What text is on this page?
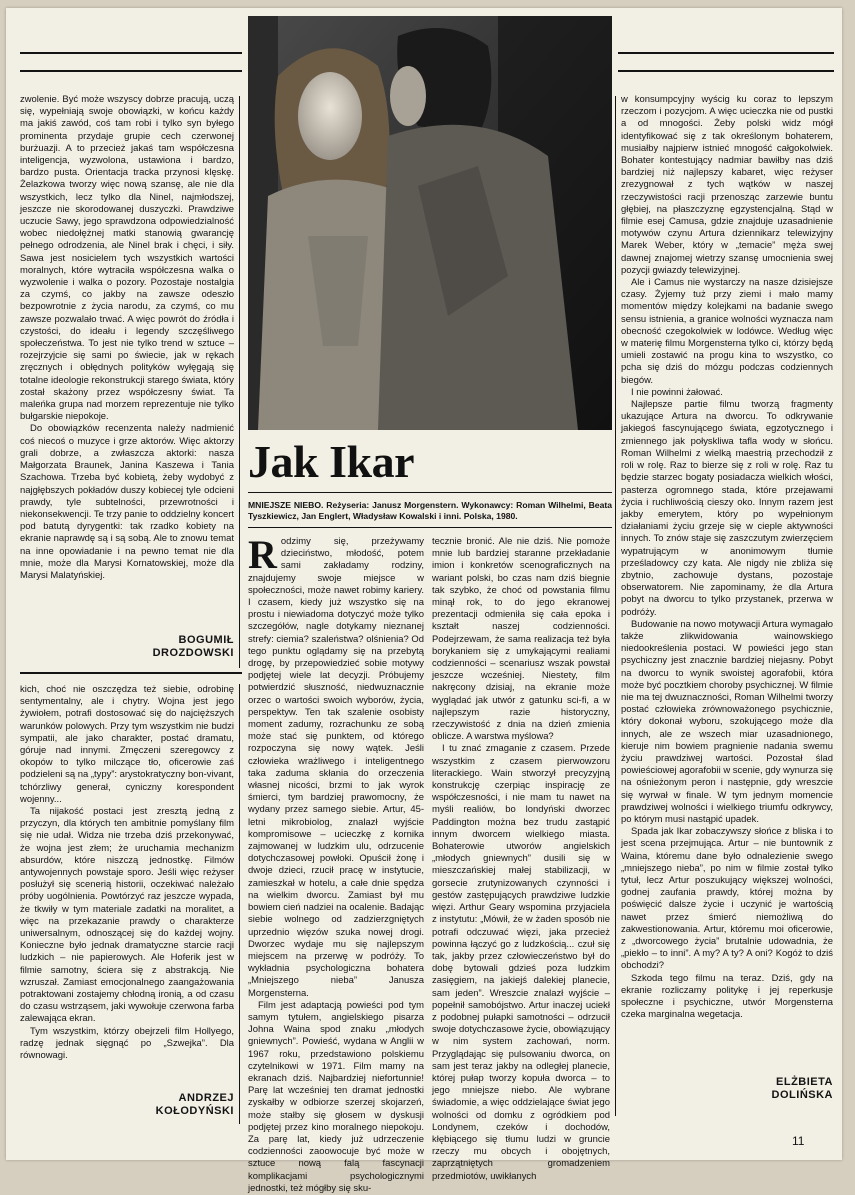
zwolenie. Być może wszyscy dobrze pracują, uczą się, wypełniają swoje obowiązki, w końcu każdy ma jakiś zawód, coś tam robi i tylko syn byłego prominenta przydaje grupie cech czerwonej burżuazji. A to przecież jakaś tam współczesna inteligencja, wyzwolona, ustawiona i bardzo, bardzo pusta. Orientacja tracka przynosi klęskę. Żelazkowa tworzy więc nową szansę, ale nie dla wszystkich, lecz tylko dla Ninel, najmłodszej, jeszcze nie skorodowanej duszyczki. Prawdziwe uczucie Sawy, jego sprawdzona odpowiedzialność wobec niedołężnej matki stanowią gwarancję pełnego odrodzenia, ale Ninel brak i chęci, i siły. Sawa jest nosicielem tych wszystkich wartości moralnych, które wytraciła współczesna walka o wyzwolenie i walka o pozory. Pozostaje nostalgia za czymś, co jakby na zawsze odeszło bezpowrotnie z życia narodu, za czymś, co mu zawsze pozwalało trwać. A więc powrót do źródła i czystości, do ideału i legendy szczęśliwego społeczeństwa. To jest nie tylko trend w sztuce – rozejrzyjcie się sami po świecie, jak w rękach zręcznych i obłędnych polityków wyłęgają się totalne ideologie rekonstrukcji starego świata, który został skażony przez współczesny świat. Ta maleńka grupa nad morzem reprezentuje nie tylko bułgarskie niepokoje.

Do obowiązków recenzenta należy nadmienić coś niecoś o muzyce i grze aktorów. Więc aktorzy grali dobrze, a zwłaszcza aktorki: nasza Małgorzata Braunek, Janina Kaszewa i Tania Szachowa. Trzeba być kobietą, żeby wydobyć z najgłębszych pokładów duszy kobiecej tyle odcieni prawdy, tyle subtelności, przewrotności i niekonsekwencji. Te trzy panie to oddzielny koncert pod batutą dyrygentki: tak rzadko kobiety na ekranie naprawdę są i są sobą. Ale to znowu temat na inne opowiadanie i na pewno temat nie dla mnie, może dla Marysi Kornatowskiej, może dla Marysi Malatyńskiej.

BOGUMIŁ
DROZDOWSKI

kich, choć nie oszczędza też siebie, odrobinę sentymentalny, ale i chytry. Wojna jest jego żywiołem, potrafi dostosować się do najcięższych warunków polowych. Przy tym wszystkim nie budzi sympatii, ale jako charakter, postać dramatu, góruje nad innymi. Zmęczeni szeregowcy z okopów to tylko milczące tło, oficerowie zaś podzieleni są na „typy”: arystokratyczny bon-vivant, tchórzliwy generał, cyniczny korespondent wojenny...

Ta nijakość postaci jest zresztą jedną z przyczyn, dla których ten ambitnie pomyślany film się nie udał. Widza nie trzeba dziś przekonywać, że wojna jest złem; że uruchamia mechanizm absurdów, które niszczą jednostkę. Filmów antywojennych powstaje sporo. Jeśli więc reżyser posłużył się scenerią historii, oczekiwać należało próby uogólnienia. Powtórzyć raz jeszcze wypada, że tkwiły w tym materiale zadatki na moralitet, a więc na przekazanie prawdy o charakterze uniwersalnym, odnoszącej się do każdej wojny. Konieczne było jednak dramatyczne starcie racji ludzkich – nie papierowych. Ale Hoferik jest w filmie samotny, ściera się z abstrakcją. Nie wzruszał. Zamiast emocjonalnego zaangażowania potraktowani zostajemy chłodną ironią, a od czasu do czasu wstrząsem, jaki wywołuje czerwona farba zalewająca ekran.

Tym wszystkim, którzy obejrzeli film Hollyego, radzę jednak sięgnąć po „Szwejka”. Dla równowagi.

ANDRZEJ
KOŁODYŃSKI
Jak Ikar
MNIEJSZE NIEBO. Reżyseria: Janusz Morgenstern. Wykonawcy: Roman Wilhelmi, Beata Tyszkiewicz, Jan Englert, Władysław Kowalski i inni. Polska, 1980.
R odzimy się, przeżywamy dzieciństwo, młodość, potem sami zakładamy rodziny, znajdujemy swoje miejsce w społeczności, może nawet robimy kariery. I czasem, kiedy już wszystko się na prostu i niewiadoma dotyczyć może tylko szczegółów, nagle dotykamy nieznanej strefy: ciemia? szaleństwa? olśnienia? Od tego punktu oglądamy się na przebytą drogę, by przepowiedzieć sobie motywy podjętej wiele lat decyzji. Próbujemy potwierdzić słuszność, niedwuznacznie orzec o wartości swoich wyborów, życia, perspektyw. Ten tak szalenie osobisty moment zadumy, rozrachunku ze sobą może stać się punktem, od którego rozpoczyna się nowy wątek. Jeśli człowieka wrażliwego i inteligentnego taka zaduma skłania do orzeczenia własnej nicości, brzmi to jak wyrok śmierci, tym bardziej prawomocny, że wydany przez samego siebie. Artur, 45-letni mikrobiolog, znalazł wyjście kompromisowe – ucieczkę z kornika zajmowanej w ludzkim ulu, odrzucenie dotychczasowej powłoki. Opuścił żonę i dwoje dzieci, rzucił pracę w instytucie, zamieszkał w hotelu, a całe dnie spędza na wielkim dworcu. Zamiast był mu bowiem cień nadziei na ocalenie. Badając siebie wolnego od zadzierzgniętych uprzednio więzów szuka nowej drogi. Dworzec wydaje mu się najlepszym miejscem na przerwę w podróży. To wykładnia psychologiczna bohatera „Mniejszego nieba” Janusza Morgensterna.

Film jest adaptacją powieści pod tym samym tytułem, angielskiego pisarza Johna Waina spod znaku „młodych gniewnych”. Powieść, wydana w Anglii w 1967 roku, przedstawiono polskiemu czytelnikowi w 1971. Film mamy na ekranach dziś. Najbardziej niefortunnie! Parę lat wcześniej ten dramat jednostki zyskałby w odbiorze szerzej skojarzeń, może stałby się głosem w dyskusji podjętej przez kino moralnego niepokoju. Za parę lat, kiedy już udrzeczenie codzienności zaoowocuje być może w sztuce nową falą fascynacji komplikacjami psychologicznymi jednostki, też mógłby się sku-

tecznie bronić. Ale nie dziś. Nie pomoże mnie lub bardziej staranne przekładanie imion i konkretów scenograficznych na wariant polski, bo czas nam dziś biegnie tak szybko, że choć od powstania filmu minął rok, to do jego ekranowej prezentacji odmieniła się cała epoka i kształt naszej codzienności. Podejrzewam, że sama realizacja też była borykaniem się z umykającymi realiami codzienności – scenariusz wszak powstał jeszcze wcześniej. Niestety, film nakręcony dzisiaj, na ekranie może wyglądać jak utwór z gatunku sci-fi, a w najlepszym razie historyczny, rzeczywistość z dnia na dzień zmienia oblicze. A warstwa myślowa?

I tu znać zmaganie z czasem. Przede wszystkim z czasem pierwowzoru literackiego. Wain stworzył precyzyjną konstrukcję czerpiąc inspirację ze współczesności, i nie mam tu nawet na myśli realiów, bo londyński dworzec Paddington można bez trudu zastąpić innym dworcem wielkiego miasta. Bohaterowie utworów angielskich „młodych gniewnych” dusili się w mieszczańskiej małej stabilizacji, w gorsecie zrutynizowanych czynności i gestów zastępujących prawdziwe ludzkie więzi. Arthur Geary wspomina przyjaciela z instytutu: „Mówił, że w żaden sposób nie potrafi odczuwać więzi, jaka przecież powinna łączyć go z ludzkością... czuł się tak, jakby przez człowieczeństwo był do dobę bytowali gdzieś poza ludzkim zasięgiem, na jakiejś dalekiej planecie, sam jeden”. Wreszcie znalazł wyjście – popełnił samobójstwo. Artur inaczej uciekł z podobnej pułapki samotności – odrzucił swoje dotychczasowe życie, obowiązujący w nim system zachowań, norm. Przyglądając się pulsowaniu dworca, on sam jest teraz jakby na odległej planecie, której pułap tworzy kopuła dworca – to jego mniejsze niebo. Ale wybrane świadomie, a więc oddzielające świat jego wolności od domku z ogródkiem pod Londynem, czeków i dochodów, kłębiącego się tłumu ludzi w gruncie rzeczy mu obcych i obojętnych, zaprzątniętych gromadzeniem przedmiotów, uwikłanych

w konsumpcyjny wyścig ku coraz to lepszym rzeczom i pozycjom. A więc ucieczka nie od pustki a od mnogości. Żeby polski widz mógł identyfikować się z tak określonym bohaterem, musiałby najpierw istnieć mnogość całgokolwiek. Bohater kontestujący nadmiar bawiłby nas dziś bardziej niż najlepszy kabaret, więc reżyser zrezygnował z tych wątków w naszej rzeczywistości racji przenosząc zarzewie buntu głębiej, na płaszczyznę egzystencjalną. Stąd w filmie esej Camusa, gdzie znajduje uzasadnienie motywów czynu Artura dziennikarz telewizyjny Marek Weber, który w „temacie” męża swej dawnej znajomej wietrzy szansę umocnienia swej pozycji gwiazdy telewizyjnej.

Ale i Camus nie wystarczy na nasze dzisiejsze czasy. Żyjemy tuż przy ziemi i mało mamy momentów między kolejkami na badanie swego sensu istnienia, a granice wolności wyznacza nam obecność czegokolwiek w lodówce. Według więc w materię filmu Morgensterna tylko ci, którzy będą umieli zostawić na progu kina to wszystko, co pcha się dziś do mózgu podczas codziennych biegów.

I nie powinni żałować.

Najlepsze partie filmu tworzą fragmenty ukazujące Artura na dworcu. To odkrywanie jakiegoś fascynującego świata, egzotycznego i zmiennego jak połyskliwa tafla wody w słońcu. Roman Wilhelmi z wielką maestrią przechodził z roli w rolę. Raz to bierze się z roli w rolę. Raz tu będzie starzec bogaty posiadacza wielkich włości, pasterza ogromnego stada, które przejawami życia i ruchliwością cieszy oko. Innym razem jest jakby emerytem, który po wypełnionym działaniami życiu grzeje się w cieple aktywności innych. To znów staje się zaszczutym zwierzęciem wypatrującym w anonimowym tłumie prześladowcy czy kata. Ale nigdy nie zbliża się zbytnio, zachowuje dystans, pozostaje obserwatorem. Nie zapominamy, że dla Artura pobyt na dworcu to tylko przystanek, przerwa w podróży.

Budowanie na nowo motywacji Artura wymagało także zlikwidowania wainowskiego niedookreślenia postaci. W powieści jego stan psychiczny jest znacznie bardziej niejasny. Pobyt na dworcu to wynik swoistej agorafobii, która może być pocztkiem choroby psychicznej. W filmie nie ma tej dwuznaczności, Roman Wilhelmi tworzy postać człowieka zrównoważonego psychicznie, który dokonał wyboru, szokującego może dla innych, ale ze wszech miar uzasadnionego, kieruje nim bowiem pragnienie nadania swemu życiu prawdziwej wartości. Pozostał ślad powieściowej agorafobii w scenie, gdy wynurza się na ośnieżonym peron i następnie, gdy wreszcie się wyrwał w finale. W tym jednym momencie prawdziwej wolności i wielkiego triumfu odkrywcy, po którym musi nastąpić upadek.

Spada jak Ikar zobaczywszy słońce z bliska i to jest scena przejmująca. Artur – nie buntownik z Waina, któremu dane było odnalezienie swego „mniejszego nieba”, po nim w filmie został tylko tytuł, lecz Artur poszukujący większej wolności, godnej zaufania prawdy, której można by poświęcić dalsze życie i uczynić je wartością nawet przez śmierć niemożliwą do zakwestionowania. Artur, któremu moi oficerowie, z „dworcowego życia” brutalnie udowadnia, że „piekło – to inni”. A my? A ty? A oni? Kogóż to dziś obchodzi?

Szkoda tego filmu na teraz. Dziś, gdy na ekranie rozliczamy politykę i jej reperkusje społeczne i psychiczne, utwór Morgensterna czeka marginalna wegetacja.

ELŻBIETA
DOLIŃSKA
11
